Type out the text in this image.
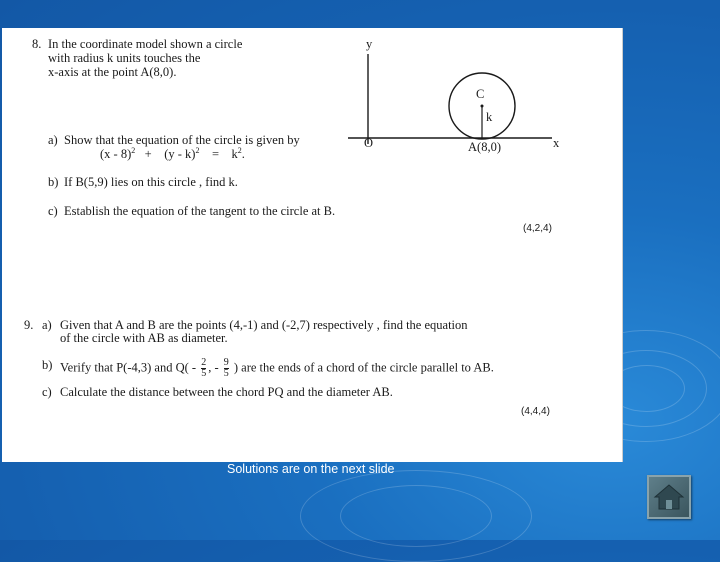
8. In the coordinate model shown a circle
with radius k units touches the
x-axis at the point A(8,0).
a) Show that the equation of the circle is given by
$(x - 8)^2 + (y - k)^2 = k^2$.
b) If B(5,9) lies on this circle , find k.
c) Establish the equation of the tangent to the circle at B.
(4,2,4)
y
x
O
C
k
A(8,0)
9. a) Given that A and B are the points (4,-1) and (-2,7) respectively , find the equation
of the circle with AB as diameter.
b) Verify that P(-4,3) and $Q( - \frac{2}{5}$ , - $\frac{9}{5}$ ) are the ends of a chord of the circle parallel to AB.
c) Calculate the distance between the chord PQ and the diameter AB.
(4,4,4)
Solutions are on the next slide
